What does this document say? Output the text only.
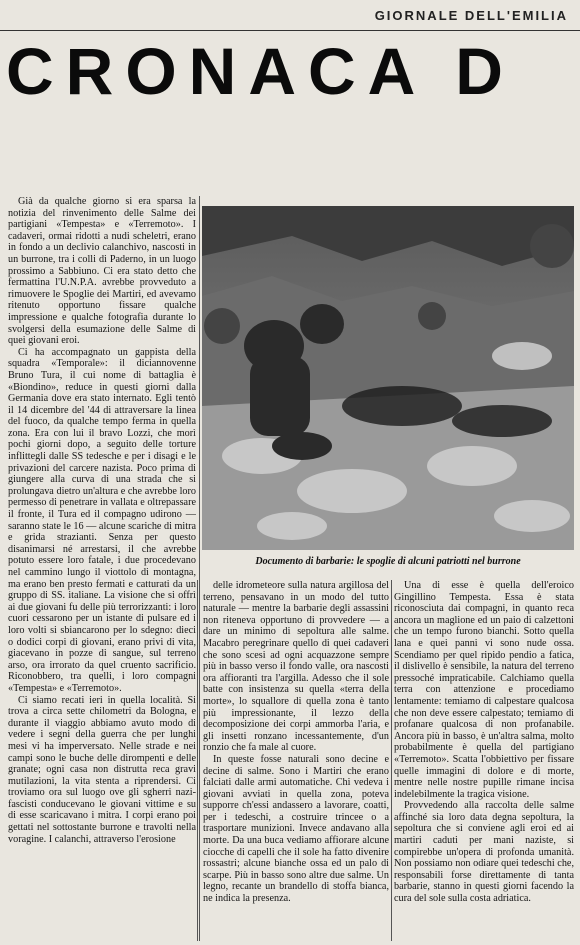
GIORNALE DELL'EMILIA
CRONACA D

Già da qualche giorno si era sparsa la notizia del rinvenimento delle Salme dei partigiani «Tempesta» e «Terremoto». I cadaveri, ormai ridotti a nudi scheletri, erano in fondo a un declivio calanchivo, nascosti in un burrone, tra i colli di Paderno, in un luogo prossimo a Sabbiuno. Ci era stato detto che fermattina l'U.N.P.A. avrebbe provveduto a rimuovere le Spoglie dei Martiri, ed avevamo ritenuto opportuno fissare qualche impressione e qualche fotografia durante lo svolgersi della esumazione delle Salme di quei giovani eroi.

Ci ha accompagnato un gappista della squadra «Temporale»: il diciannovenne Bruno Tura, il cui nome di battaglia è «Biondino», reduce in questi giorni dalla Germania dove era stato internato. Egli tentò il 14 dicembre del '44 di attraversare la linea del fuoco, da qualche tempo ferma in quella zona. Era con lui il bravo Lozzi, che morì pochi giorni dopo, a seguito delle torture inflittegli dalle SS tedesche e per i disagi e le privazioni del carcere nazista. Poco prima di giungere alla curva di una strada che si prolungava dietro un'altura e che avrebbe loro permesso di penetrare in vallata e oltrepassare il fronte, il Tura ed il compagno udirono — saranno state le 16 — alcune scariche di mitra e grida strazianti. Senza per questo disanimarsi né arrestarsi, il che avrebbe potuto essere loro fatale, i due procedevano nel cammino lungo il viottolo di montagna, ma erano ben presto fermati e catturati da un gruppo di SS. italiane. La visione che si offrì ai due giovani fu delle più terrorizzanti: i loro cuori cessarono per un istante di pulsare ed i loro volti si sbiancarono per lo sdegno: dieci o dodici corpi di giovani, erano privi di vita, giacevano in pozze di sangue, sul terreno arso, ora irrorato da quel cruento sacrificio. Riconobbero, tra quelli, i loro compagni «Tempesta» e «Terremoto».

Ci siamo recati ieri in quella località. Si trova a circa sette chilometri da Bologna, e durante il viaggio abbiamo avuto modo di vedere i segni della guerra che per lunghi mesi vi ha imperversato. Nelle strade e nei campi sono le buche delle dirompenti e delle granate; ogni casa non distrutta reca gravi mutilazioni, la vita stenta a riprendersi. Ci troviamo ora sul luogo ove gli sgherri nazi-fascisti conducevano le giovani vittime e su di esse scaricavano i mitra. I corpi erano poi gettati nel sottostante burrone e travolti nella voragine. I calanchi, attraverso l'erosione

Documento di barbarie: le spoglie di alcuni patriotti nel burrone

delle idrometeore sulla natura argillosa del terreno, pensavano in un modo del tutto naturale — mentre la barbarie degli assassini non riteneva opportuno di provvedere — a dare un minimo di sepoltura alle salme. Macabro peregrinare quello di quei cadaveri che sono scesi ad ogni acquazzone sempre più in basso verso il fondo valle, ora nascosti ora affioranti tra l'argilla. Adesso che il sole batte con insistenza su quella «terra della morte», lo squallore di quella zona è tanto più impressionante, il lezzo della decomposizione dei corpi ammorba l'aria, e gli insetti ronzano incessantemente, d'un ronzio che fa male al cuore.

In queste fosse naturali sono decine e decine di salme. Sono i Martiri che erano falciati dalle armi automatiche. Chi vedeva i giovani avviati in quella zona, poteva supporre ch'essi andassero a lavorare, coatti, per i tedeschi, a costruire trincee o a trasportare munizioni. Invece andavano alla morte. Da una buca vediamo affiorare alcune ciocche di capelli che il sole ha fatto divenire rossastri; alcune bianche ossa ed un palo di scarpe. Più in basso sono altre due salme. Un legno, recante un brandello di stoffa bianca, ne indica la presenza.

Una di esse è quella dell'eroico Gingillino Tempesta. Essa è stata riconosciuta dai compagni, in quanto reca ancora un maglione ed un paio di calzettoni che un tempo furono bianchi. Sotto quella lana e quei panni vi sono nude ossa. Scendiamo per quel ripido pendio a fatica, il dislivello è sensibile, la natura del terreno pressoché impraticabile. Calchiamo quella terra con attenzione e procediamo lentamente: temiamo di calpestare qualcosa che non deve essere calpestato; temiamo di profanare qualcosa di non profanabile. Ancora più in basso, è un'altra salma, molto probabilmente è quella del partigiano «Terremoto». Scatta l'obbiettivo per fissare quelle immagini di dolore e di morte, mentre nelle nostre pupille rimane incisa indelebilmente la tragica visione.

Provvedendo alla raccolta delle salme affinché sia loro data degna sepoltura, la sepoltura che si conviene agli eroi ed ai martiri caduti per mani naziste, si compirebbe un'opera di profonda umanità. Non possiamo non odiare quei tedeschi che, responsabili forse direttamente di tanta barbarie, stanno in questi giorni facendo la cura del sole sulla costa adriatica.
